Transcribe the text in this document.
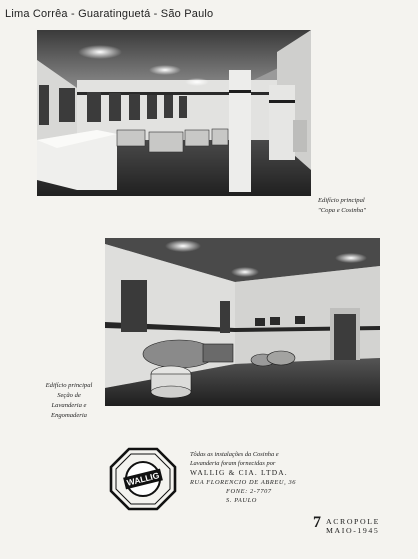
Lima Corrêa - Guaratinguetá - São Paulo
Edifício principal
"Copa e Cosinha"
Edifício principal
Seção de
Lavanderia e
Engomaderia
WALLIG
Tôdas as instalações da Cosinha e
Lavanderia foram fornecidas por
WALLIG & CIA. LTDA.
RUA FLORENCIO DE ABREU, 36
FONE: 2-7707
S. PAULO
7 ACROPOLE
MAIO-1945
